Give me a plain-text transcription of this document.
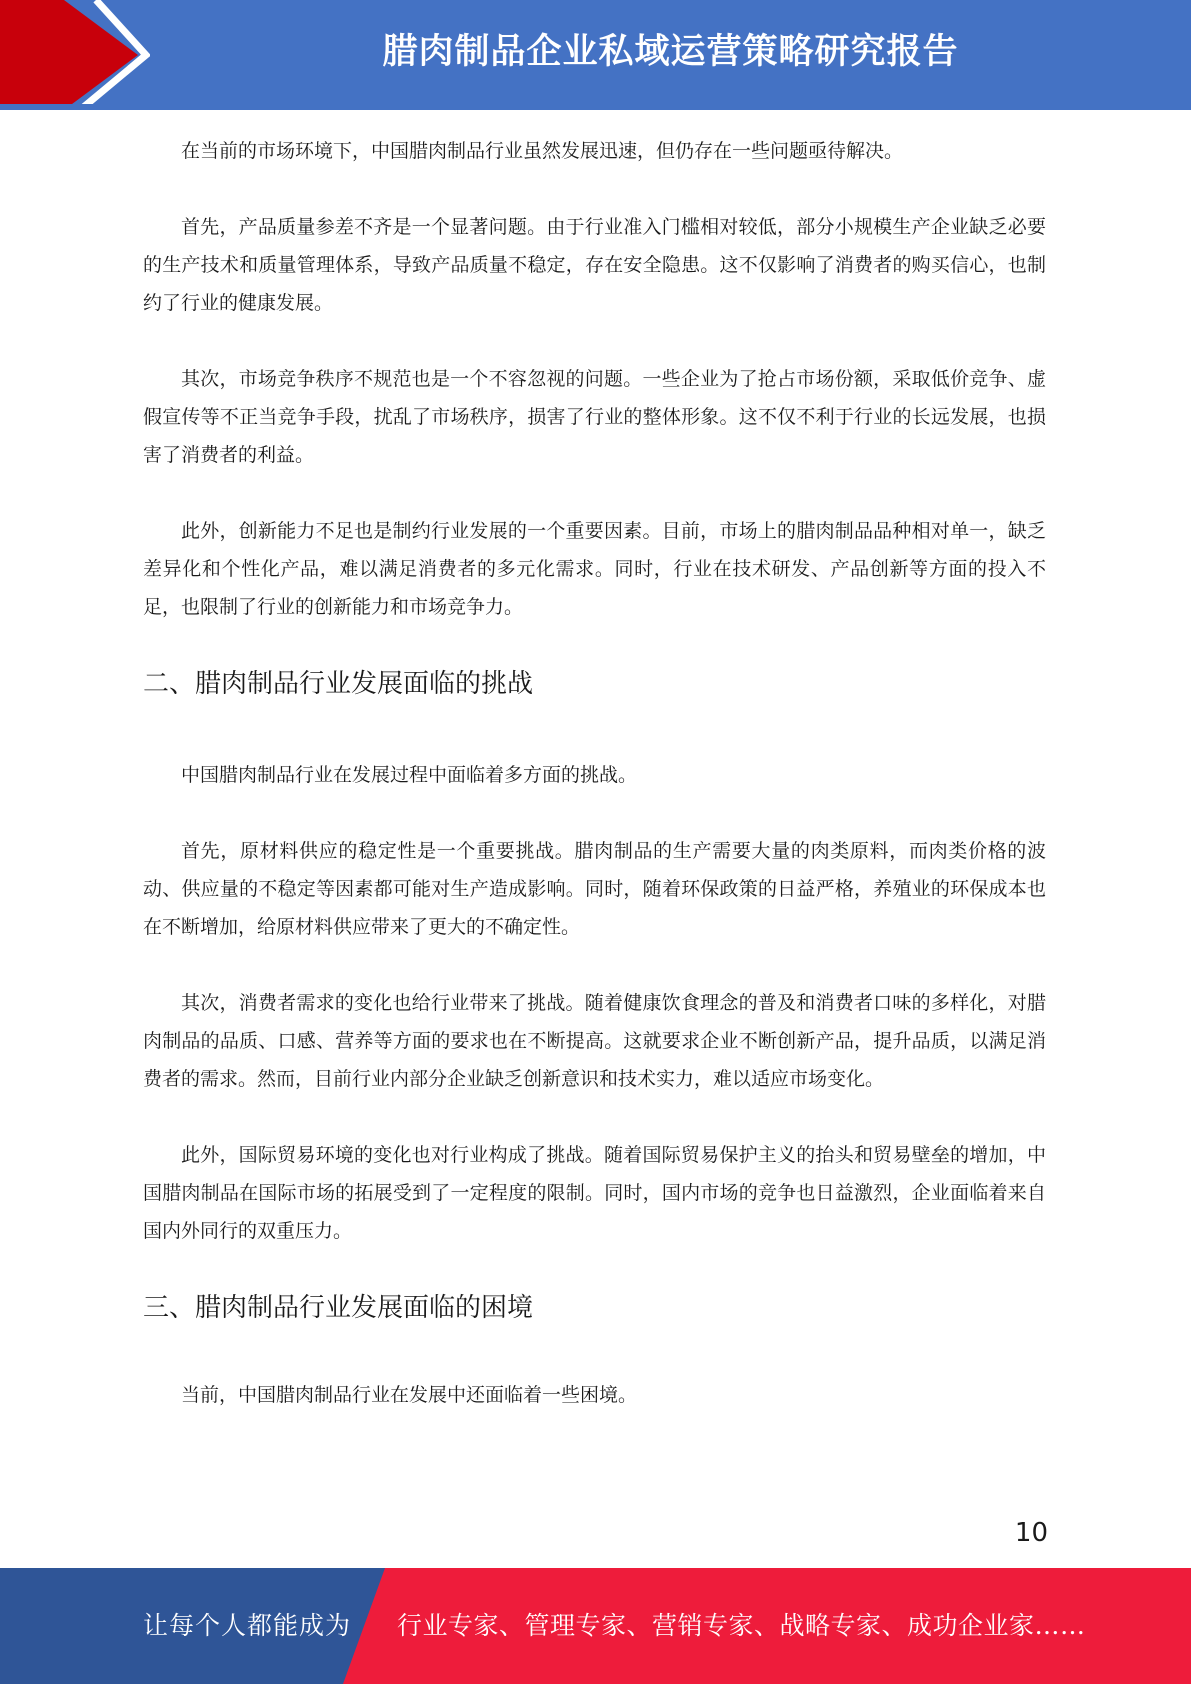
腊肉制品企业私域运营策略研究报告

在当前的市场环境下，中国腊肉制品行业虽然发展迅速，但仍存在一些问题亟待解决。

首先，产品质量参差不齐是一个显著问题。由于行业准入门槛相对较低，部分小规模生产企业缺乏必要的生产技术和质量管理体系，导致产品质量不稳定，存在安全隐患。这不仅影响了消费者的购买信心，也制约了行业的健康发展。

其次，市场竞争秩序不规范也是一个不容忽视的问题。一些企业为了抢占市场份额，采取低价竞争、虚假宣传等不正当竞争手段，扰乱了市场秩序，损害了行业的整体形象。这不仅不利于行业的长远发展，也损害了消费者的利益。

此外，创新能力不足也是制约行业发展的一个重要因素。目前，市场上的腊肉制品品种相对单一，缺乏差异化和个性化产品，难以满足消费者的多元化需求。同时，行业在技术研发、产品创新等方面的投入不足，也限制了行业的创新能力和市场竞争力。

二、腊肉制品行业发展面临的挑战

中国腊肉制品行业在发展过程中面临着多方面的挑战。

首先，原材料供应的稳定性是一个重要挑战。腊肉制品的生产需要大量的肉类原料，而肉类价格的波动、供应量的不稳定等因素都可能对生产造成影响。同时，随着环保政策的日益严格，养殖业的环保成本也在不断增加，给原材料供应带来了更大的不确定性。

其次，消费者需求的变化也给行业带来了挑战。随着健康饮食理念的普及和消费者口味的多样化，对腊肉制品的品质、口感、营养等方面的要求也在不断提高。这就要求企业不断创新产品，提升品质，以满足消费者的需求。然而，目前行业内部分企业缺乏创新意识和技术实力，难以适应市场变化。

此外，国际贸易环境的变化也对行业构成了挑战。随着国际贸易保护主义的抬头和贸易壁垒的增加，中国腊肉制品在国际市场的拓展受到了一定程度的限制。同时，国内市场的竞争也日益激烈，企业面临着来自国内外同行的双重压力。

三、腊肉制品行业发展面临的困境

当前，中国腊肉制品行业在发展中还面临着一些困境。

10
让每个人都能成为 行业专家、管理专家、营销专家、战略专家、成功企业家……
